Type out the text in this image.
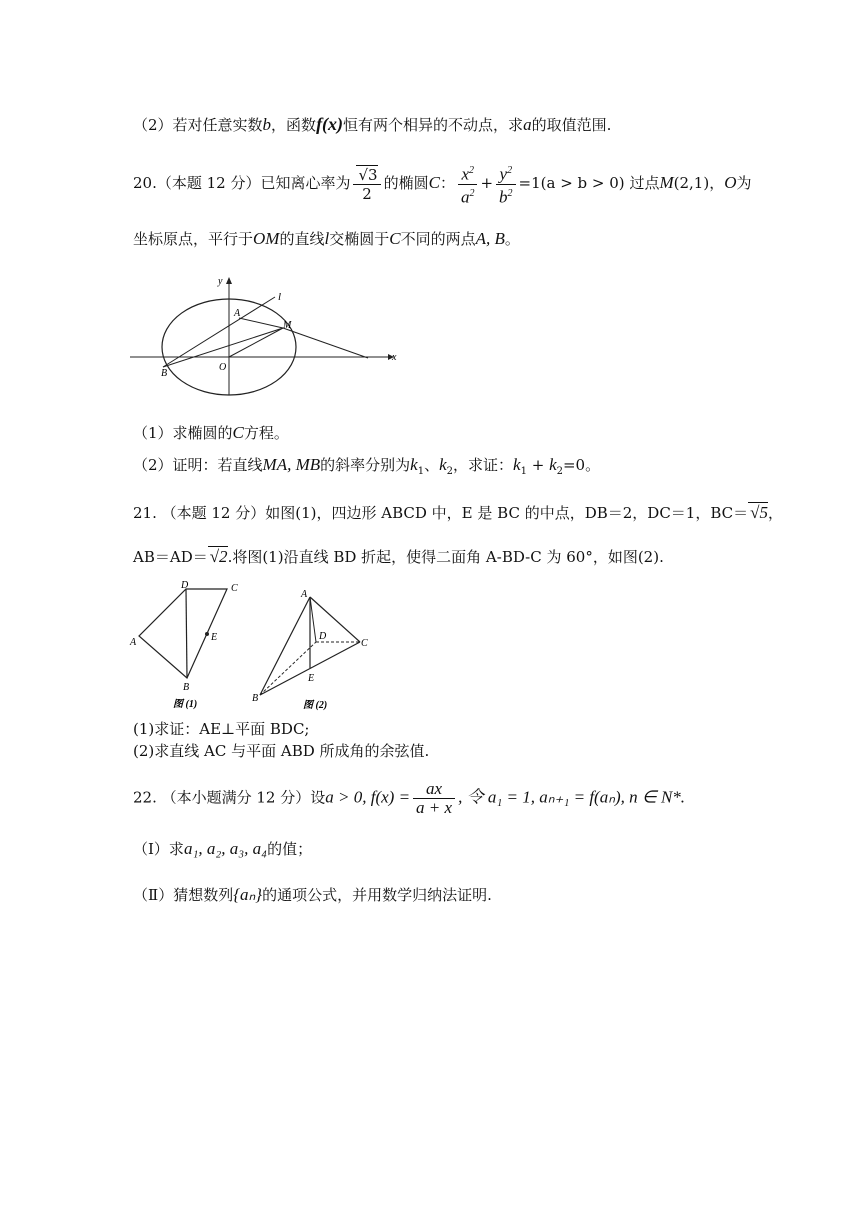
（2）若对任意实数b，函数f(x)恒有两个相异的不动点，求a的取值范围.
20.（本题 12 分）已知离心率为 $\frac{√3}{2}$ 的椭圆C： $\frac{x^2}{a^2} + \frac{y^2}{b^2} =1(a > b > 0)$ 过点M(2,1)，O为
坐标原点，平行于OM的直线l交椭圆于C不同的两点A, B。
y
l
A
M
x
B
O
（1）求椭圆的C方程。
（2）证明：若直线MA, MB的斜率分别为$k_1$、$k_2$，求证：$k_1 + k_2=0$。
21. （本题 12 分）如图(1)，四边形 ABCD 中，E 是 BC 的中点，DB＝2，DC＝1，BC＝ √5，
AB＝AD＝ √2.将图(1)沿直线 BD 折起，使得二面角 A-BD-C 为 60°，如图(2).
D	C
A	E
B
图 (1)
A
D
C
E
B
图 (2)
(1)求证：AE⊥平面 BDC;
(2)求直线 AC 与平面 ABD 所成角的余弦值.
22. （本小题满分 12 分）设a > 0, $f(x) = \frac{ax}{a + x}$ , 令 a₁ = 1, aₙ₊₁ = f(aₙ), n ∈ N*.
（Ⅰ）求a₁, a₂, a₃, a₄的值；
（Ⅱ）猜想数列{aₙ}的通项公式，并用数学归纳法证明.
